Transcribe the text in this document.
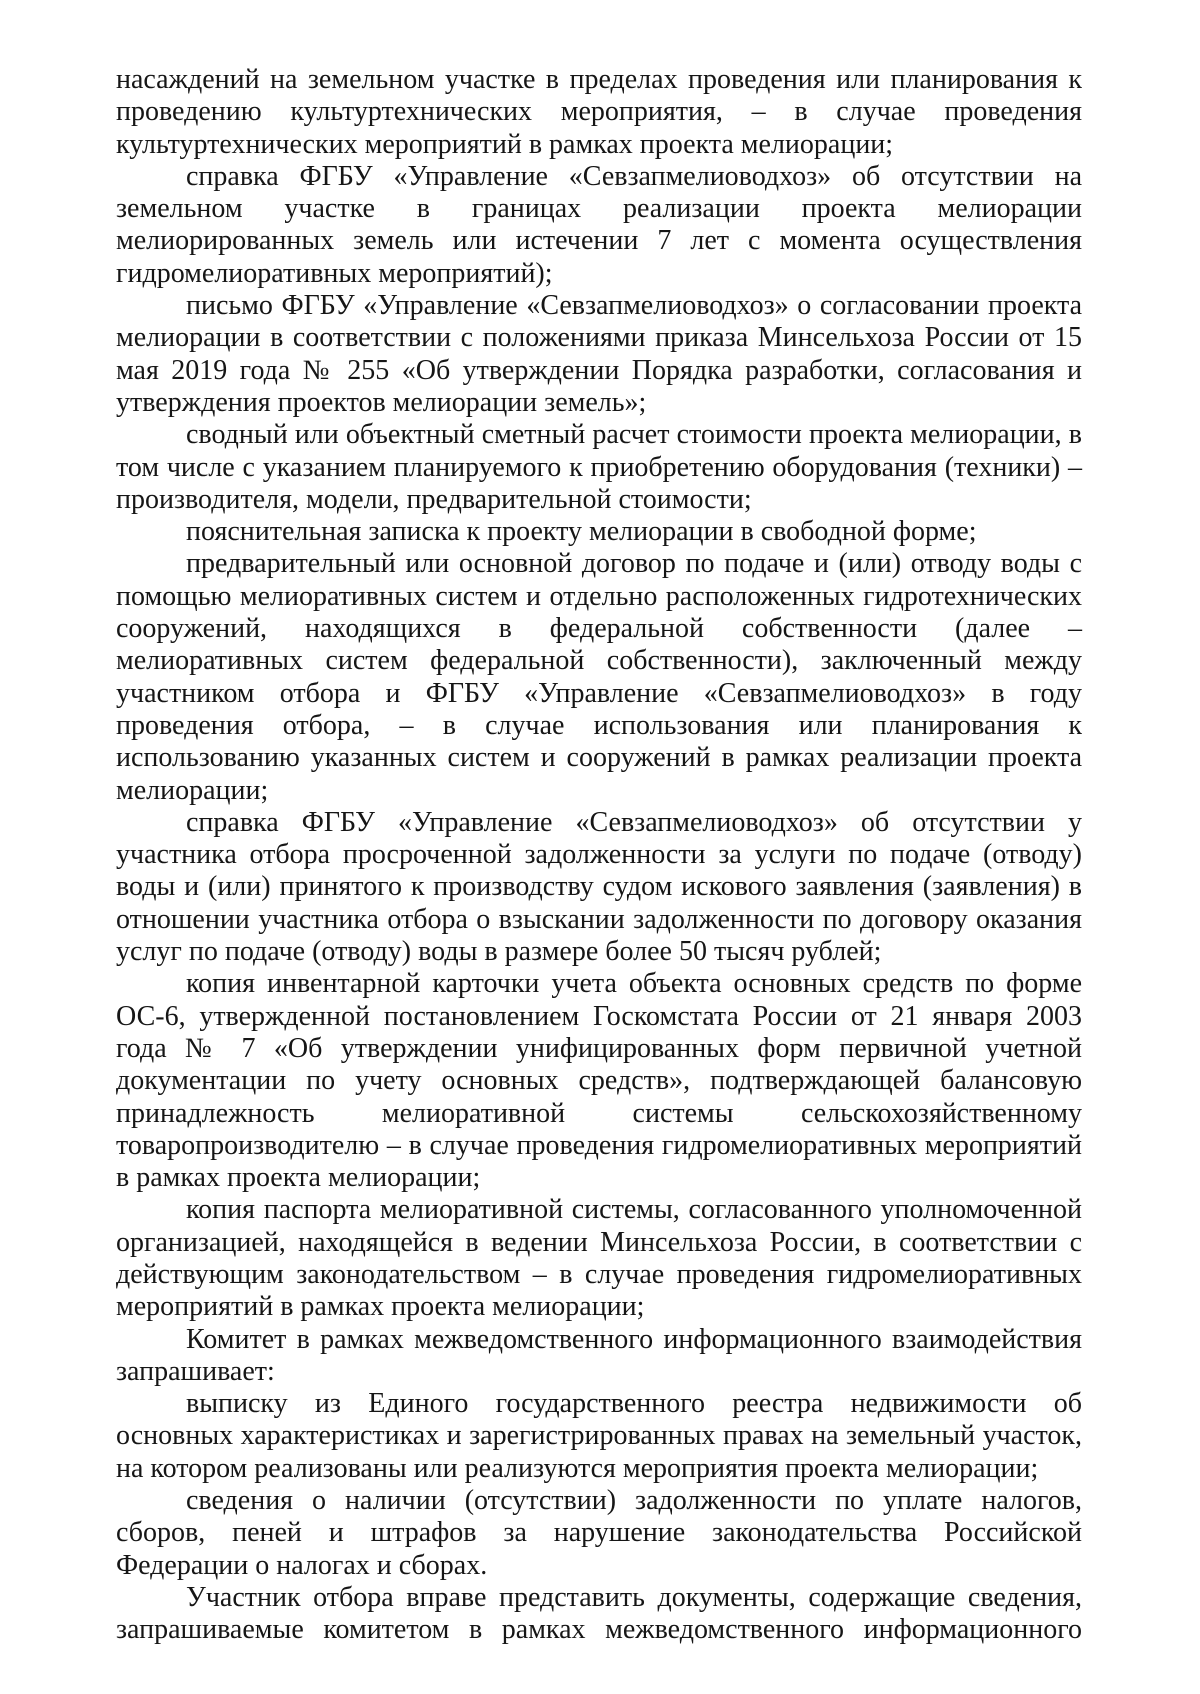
насаждений на земельном участке в пределах проведения или планирования к проведению культуртехнических мероприятия, – в случае проведения культуртехнических мероприятий в рамках проекта мелиорации;

справка ФГБУ «Управление «Севзапмелиоводхоз» об отсутствии на земельном участке в границах реализации проекта мелиорации мелиорированных земель или истечении 7 лет с момента осуществления гидромелиоративных мероприятий);

письмо ФГБУ «Управление «Севзапмелиоводхоз» о согласовании проекта мелиорации в соответствии с положениями приказа Минсельхоза России от 15 мая 2019 года № 255 «Об утверждении Порядка разработки, согласования и утверждения проектов мелиорации земель»;

сводный или объектный сметный расчет стоимости проекта мелиорации, в том числе с указанием планируемого к приобретению оборудования (техники) – производителя, модели, предварительной стоимости;

пояснительная записка к проекту мелиорации в свободной форме;

предварительный или основной договор по подаче и (или) отводу воды с помощью мелиоративных систем и отдельно расположенных гидротехнических сооружений, находящихся в федеральной собственности (далее – мелиоративных систем федеральной собственности), заключенный между участником отбора и ФГБУ «Управление «Севзапмелиоводхоз» в году проведения отбора, – в случае использования или планирования к использованию указанных систем и сооружений в рамках реализации проекта мелиорации;

справка ФГБУ «Управление «Севзапмелиоводхоз» об отсутствии у участника отбора просроченной задолженности за услуги по подаче (отводу) воды и (или) принятого к производству судом искового заявления (заявления) в отношении участника отбора о взыскании задолженности по договору оказания услуг по подаче (отводу) воды в размере более 50 тысяч рублей;

копия инвентарной карточки учета объекта основных средств по форме ОС-6, утвержденной постановлением Госкомстата России от 21 января 2003 года № 7 «Об утверждении унифицированных форм первичной учетной документации по учету основных средств», подтверждающей балансовую принадлежность мелиоративной системы сельскохозяйственному товаропроизводителю – в случае проведения гидромелиоративных мероприятий в рамках проекта мелиорации;

копия паспорта мелиоративной системы, согласованного уполномоченной организацией, находящейся в ведении Минсельхоза России, в соответствии с действующим законодательством – в случае проведения гидромелиоративных мероприятий в рамках проекта мелиорации;

Комитет в рамках межведомственного информационного взаимодействия запрашивает:

выписку из Единого государственного реестра недвижимости об основных характеристиках и зарегистрированных правах на земельный участок, на котором реализованы или реализуются мероприятия проекта мелиорации;

сведения о наличии (отсутствии) задолженности по уплате налогов, сборов, пеней и штрафов за нарушение законодательства Российской Федерации о налогах и сборах.

Участник отбора вправе представить документы, содержащие сведения, запрашиваемые комитетом в рамках межведомственного информационного
